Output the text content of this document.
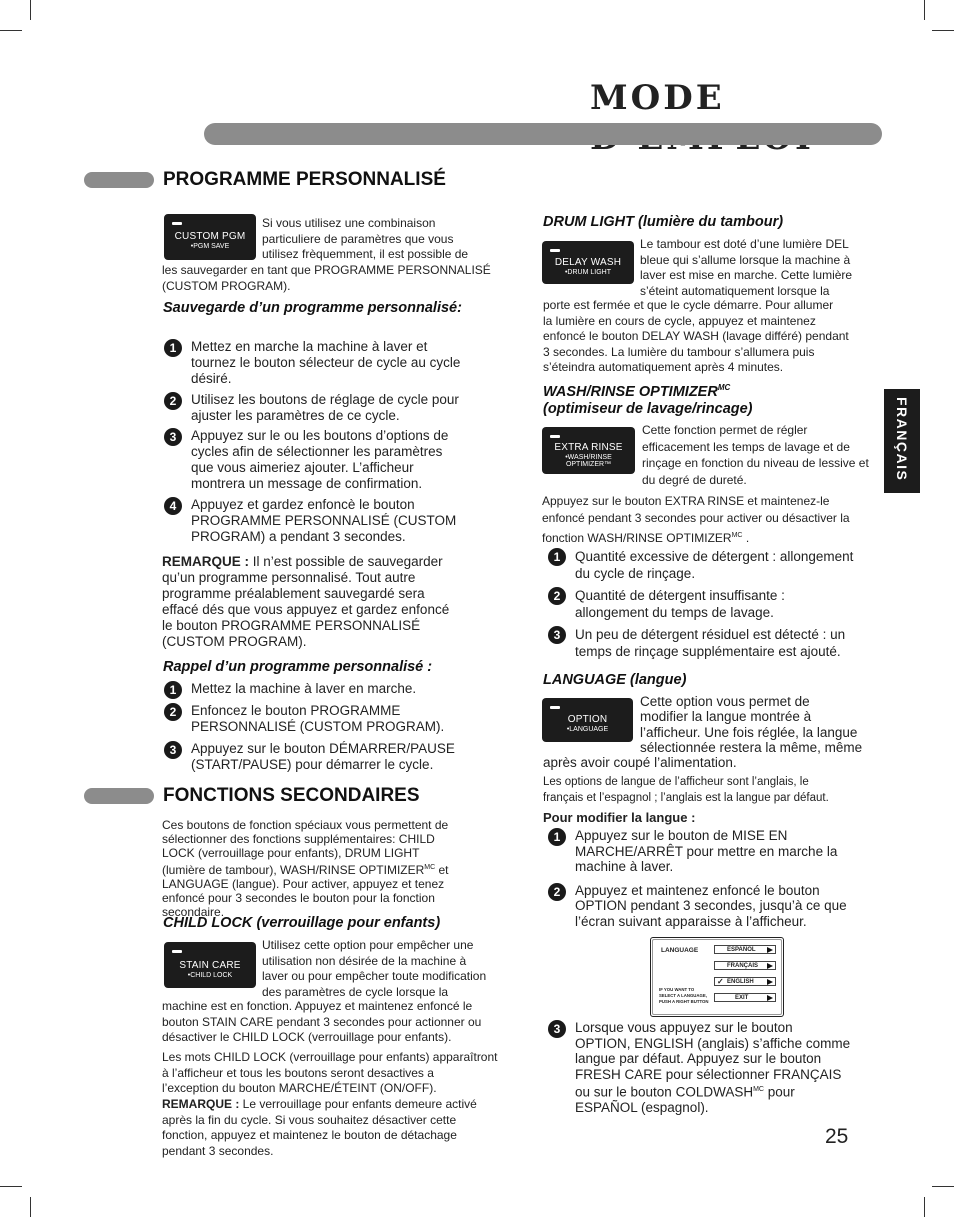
MODE
FRANÇAIS
PROGRAMME PERSONNALISÉ
CUSTOM PGM
•PGM SAVE
Si vous utilisez une combinaison
particuliere de paramètres que vous
utilisez frèquemment, il est possible de
les sauvegarder en tant que PROGRAMME PERSONNALISÉ
(CUSTOM PROGRAM).
Sauvegarde d’un programme personnalisé:
1	Mettez en marche la machine à laver et
tournez le bouton sélecteur de cycle au cycle
désiré.
2	Utilisez les boutons de réglage de cycle pour
ajuster les paramètres de ce cycle.
3	Appuyez sur le ou les boutons d’options de
cycles afin de sélectionner les paramètres
que vous aimeriez ajouter. L’afficheur
montrera un message de confirmation.
4	Appuyez et gardez enfoncè le bouton
PROGRAMME PERSONNALISÉ (CUSTOM
PROGRAM) a pendant 3 secondes.
REMARQUE : Il n’est possible de sauvegarder
qu’un programme personnalisé. Tout autre
programme préalablement sauvegardé sera
effacé dés que vous appuyez et gardez enfoncé
le bouton PROGRAMME PERSONNALISÉ
(CUSTOM PROGRAM).
Rappel d’un programme personnalisé :
1	Mettez la machine à laver en marche.
2	Enfoncez le bouton PROGRAMME
PERSONNALISÉ (CUSTOM PROGRAM).
3	Appuyez sur le bouton DÉMARRER/PAUSE
(START/PAUSE) pour démarrer le cycle.
FONCTIONS SECONDAIRES
Ces boutons de fonction spéciaux vous permettent de
sélectionner des fonctions supplémentaires: CHILD
LOCK (verrouillage pour enfants), DRUM LIGHT
(lumière de tambour), WASH/RINSE $OPTIMIZER^{MC}$ et
LANGUAGE (langue). Pour activer, appuyez et tenez
enfoncé pour 3 secondes le bouton pour la fonction
secondaire.
CHILD LOCK (verrouillage pour enfants)
STAIN CARE
•CHILD LOCK
Utilisez cette option pour empêcher une
utilisation non désirée de la machine à
laver ou pour empêcher toute modification
des paramètres de cycle lorsque la
machine est en fonction. Appuyez et maintenez enfoncé le
bouton STAIN CARE pendant 3 secondes pour actionner ou
désactiver le CHILD LOCK (verrouillage pour enfants).
Les mots CHILD LOCK (verrouillage pour enfants) apparaîtront
à l’afficheur et tous les boutons seront desactives a
l’exception du bouton MARCHE/ÉTEINT (ON/OFF).
REMARQUE : Le verrouillage pour enfants demeure activé
après la fin du cycle. Si vous souhaitez désactiver cette
fonction, appuyez et maintenez le bouton de détachage
pendant 3 secondes.
DRUM LIGHT (lumière du tambour)
DELAY WASH
•DRUM LIGHT
Le tambour est doté d’une lumière DEL
bleue qui s’allume lorsque la machine à
laver est mise en marche. Cette lumière
s’éteint automatiquement lorsque la
porte est fermée et que le cycle démarre. Pour allumer
la lumière en cours de cycle, appuyez et maintenez
enfoncé le bouton DELAY WASH (lavage différé) pendant
3 secondes. La lumière du tambour s’allumera puis
s’éteindra automatiquement après 4 minutes.
WASH/RINSE $OPTIMIZER^{MC}$
(optimiseur de lavage/rincage)
EXTRA RINSE
•WASH/RINSE
OPTIMIZER™
Cette fonction permet de régler
efficacement les temps de lavage et de
rinçage en fonction du niveau de lessive et
du degré de dureté.
Appuyez sur le bouton EXTRA RINSE et maintenez-le
enfoncé pendant 3 secondes pour activer ou désactiver la
fonction WASH/RINSE $OPTIMIZER^{MC}$ .
1	Quantité excessive de détergent : allongement
du cycle de rinçage.
2	Quantité de détergent insuffisante :
allongement du temps de lavage.
3	Un peu de détergent résiduel est détecté : un
temps de rinçage supplémentaire est ajouté.
LANGUAGE (langue)
OPTION
•LANGUAGE
Cette option vous permet de
modifier la langue montrée à
l’afficheur. Une fois réglée, la langue
sélectionnée restera la même, même
après avoir coupé l’alimentation.
Les options de langue de l’afficheur sont l’anglais, le
français et l’espagnol ; l’anglais est la langue par défaut.
Pour modifier la langue :
1	Appuyez sur le bouton de MISE EN
MARCHE/ARRÊT pour mettre en marche la
machine à laver.
2	Appuyez et maintenez enfoncé le bouton
OPTION pendant 3 secondes, jusqu’à ce que
l’écran suivant apparaisse à l’afficheur.
LANGUAGE	ESPAÑOL
FRANÇAIS
✓ ENGLISH
EXIT
IF YOU WANT TO
SELECT A LANGUAGE,
PUSH A RIGHT BUTTON
3	Lorsque vous appuyez sur le bouton
OPTION, ENGLISH (anglais) s’affiche comme
langue par défaut. Appuyez sur le bouton
FRESH CARE pour sélectionner FRANÇAIS
ou sur le bouton $COLDWASH^{MC}$ pour
ESPAÑOL (espagnol).
25
